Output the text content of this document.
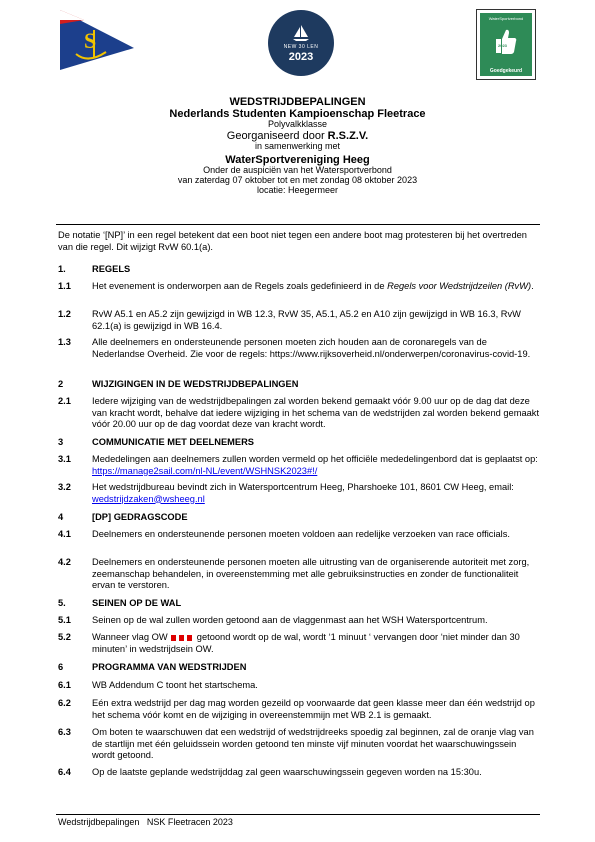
S	NEW 30 LEN
2023
WaterSportverbond
2023
Goedgekeurd
WEDSTRIJDBEPALINGEN
Nederlands Studenten Kampioenschap Fleetrace
Polyvalkklasse
Georganiseerd door R.S.Z.V.
in samenwerking met
WaterSportvereniging Heeg
Onder de auspiciën van het Watersportverbond
van zaterdag 07 oktober tot en met zondag 08 oktober 2023
locatie: Heegermeer
De notatie ‘[NP]’ in een regel betekent dat een boot niet tegen een andere boot mag protesteren bij het overtreden van die regel. Dit wijzigt RvW 60.1(a).
1.	REGELS
1.1	Het evenement is onderworpen aan de Regels zoals gedefinieerd in de Regels voor Wedstrijdzeilen (RvW).
1.2	RvW A5.1 en A5.2 zijn gewijzigd in WB 12.3, RvW 35, A5.1, A5.2 en A10 zijn gewijzigd in WB 16.3, RvW 62.1(a) is gewijzigd in WB 16.4.
1.3	Alle deelnemers en ondersteunende personen moeten zich houden aan de coronaregels van de Nederlandse Overheid. Zie voor de regels: https://www.rijksoverheid.nl/onderwerpen/coronavirus-covid-19.
2	WIJZIGINGEN IN DE WEDSTRIJDBEPALINGEN
2.1	Iedere wijziging van de wedstrijdbepalingen zal worden bekend gemaakt vóór 9.00 uur op de dag dat deze van kracht wordt, behalve dat iedere wijziging in het schema van de wedstrijden zal worden bekend gemaakt vóór 20.00 uur op de dag voordat deze van kracht wordt.
3	COMMUNICATIE MET DEELNEMERS
3.1	Mededelingen aan deelnemers zullen worden vermeld op het officiële mededelingenbord dat is geplaatst op: https://manage2sail.com/nl-NL/event/WSHNSK2023#!/
3.2	Het wedstrijdbureau bevindt zich in Watersportcentrum Heeg, Pharshoeke 101, 8601 CW Heeg, email: wedstrijdzaken@wsheeg.nl
4	[DP] GEDRAGSCODE
4.1	Deelnemers en ondersteunende personen moeten voldoen aan redelijke verzoeken van race officials.
4.2	Deelnemers en ondersteunende personen moeten alle uitrusting van de organiserende autoriteit met zorg, zeemanschap behandelen, in overeenstemming met alle gebruiksinstructies en zonder de functionaliteit ervan te verstoren.
5.	SEINEN OP DE WAL
5.1	Seinen op de wal zullen worden getoond aan de vlaggenmast aan het WSH Watersportcentrum.
5.2	Wanneer vlag OW	getoond wordt op de wal, wordt ‘1 minuut ‘ vervangen door ‘niet minder dan 30 minuten’ in wedstrijdsein OW.
6	PROGRAMMA VAN WEDSTRIJDEN
6.1	WB Addendum C toont het startschema.
6.2	Eén extra wedstrijd per dag mag worden gezeild op voorwaarde dat geen klasse meer dan één wedstrijd op het schema vóór komt en de wijziging in overeenstemmijn met WB 2.1 is gemaakt.
6.3	Om boten te waarschuwen dat een wedstrijd of wedstrijdreeks spoedig zal beginnen, zal de oranje vlag van de startlijn met één geluidssein worden getoond ten minste vijf minuten voordat het waarschuwingssein wordt getoond.
6.4	Op de laatste geplande wedstrijddag zal geen waarschuwingssein gegeven worden na 15:30u.
Wedstrijdbepalingen   NSK Fleetracen 2023
